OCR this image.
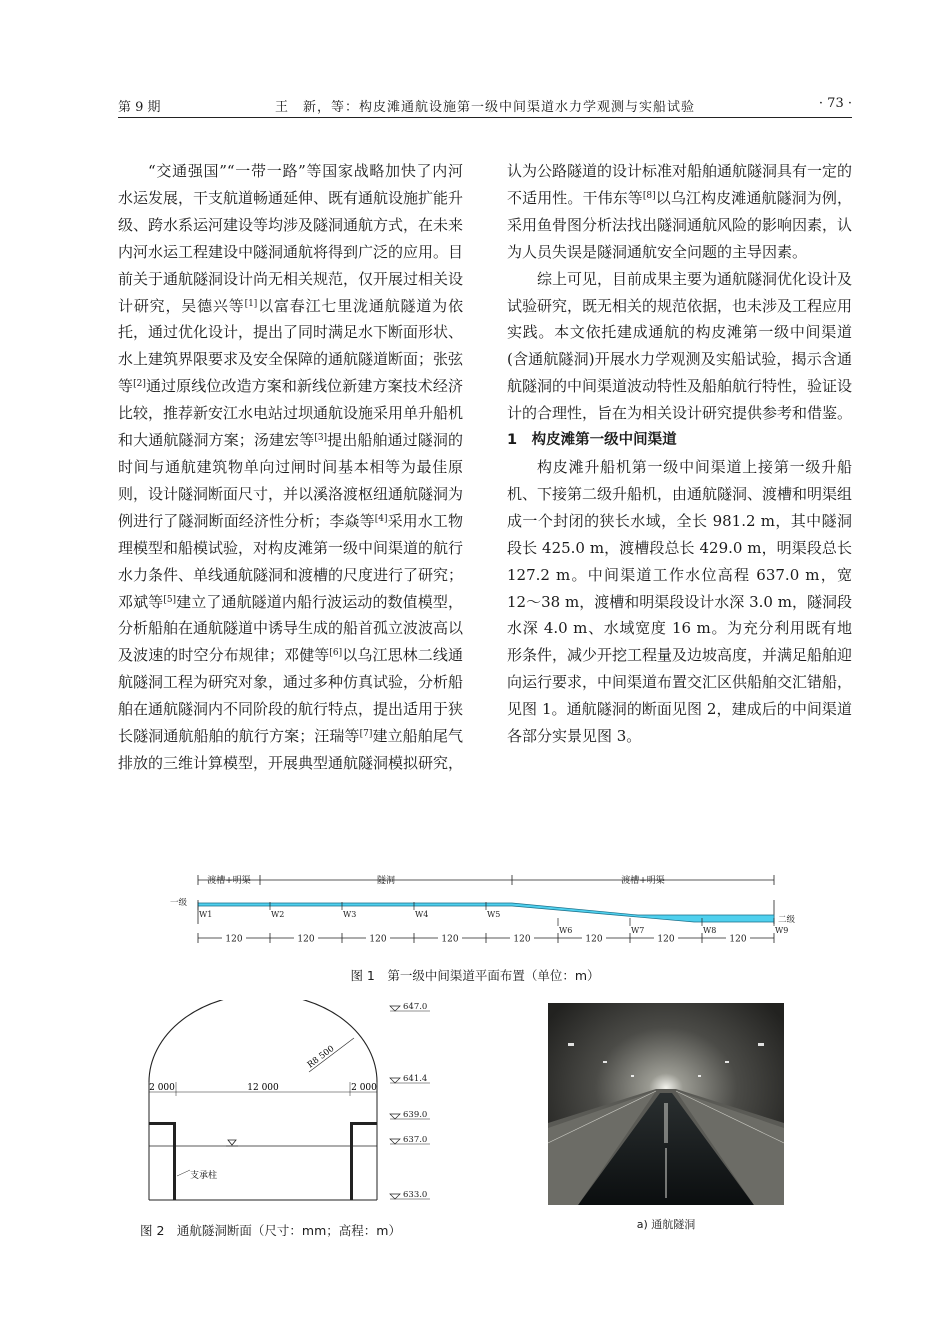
第 9 期	王　新，等：构皮滩通航设施第一级中间渠道水力学观测与实船试验	· 73 ·

“交通强国”“一带一路”等国家战略加快了内河水运发展，干支航道畅通延伸、既有通航设施扩能升级、跨水系运河建设等均涉及隧洞通航方式，在未来内河水运工程建设中隧洞通航将得到广泛的应用。目前关于通航隧洞设计尚无相关规范，仅开展过相关设计研究，吴德兴等[1]以富春江七里泷通航隧道为依托，通过优化设计，提出了同时满足水下断面形状、水上建筑界限要求及安全保障的通航隧道断面；张弦等[2]通过原线位改造方案和新线位新建方案技术经济比较，推荐新安江水电站过坝通航设施采用单升船机和大通航隧洞方案；汤建宏等[3]提出船舶通过隧洞的时间与通航建筑物单向过闸时间基本相等为最佳原则，设计隧洞断面尺寸，并以溪洛渡枢纽通航隧洞为例进行了隧洞断面经济性分析；李焱等[4]采用水工物理模型和船模试验，对构皮滩第一级中间渠道的航行水力条件、单线通航隧洞和渡槽的尺度进行了研究；邓斌等[5]建立了通航隧道内船行波运动的数值模型，分析船舶在通航隧道中诱导生成的船首孤立波波高以及波速的时空分布规律；邓健等[6]以乌江思林二线通航隧洞工程为研究对象，通过多种仿真试验，分析船舶在通航隧洞内不同阶段的航行特点，提出适用于狭长隧洞通航船舶的航行方案；汪瑞等[7]建立船舶尾气排放的三维计算模型，开展典型通航隧洞模拟研究，

认为公路隧道的设计标准对船舶通航隧洞具有一定的不适用性。干伟东等[8]以乌江构皮滩通航隧洞为例，采用鱼骨图分析法找出隧洞通航风险的影响因素，认为人员失误是隧洞通航安全问题的主导因素。

综上可见，目前成果主要为通航隧洞优化设计及试验研究，既无相关的规范依据，也未涉及工程应用实践。本文依托建成通航的构皮滩第一级中间渠道(含通航隧洞)开展水力学观测及实船试验，揭示含通航隧洞的中间渠道波动特性及船舶航行特性，验证设计的合理性，旨在为相关设计研究提供参考和借鉴。

1　构皮滩第一级中间渠道

构皮滩升船机第一级中间渠道上接第一级升船机、下接第二级升船机，由通航隧洞、渡槽和明渠组成一个封闭的狭长水域，全长 981.2 m，其中隧洞段长 425.0 m，渡槽段总长 429.0 m，明渠段总长 127.2 m。中间渠道工作水位高程 637.0 m，宽 12～38 m，渡槽和明渠段设计水深 3.0 m，隧洞段水深 4.0 m、水域宽度 16 m。为充分利用既有地形条件，减少开挖工程量及边坡高度，并满足船舶迎向运行要求，中间渠道布置交汇区供船舶交汇错船，见图 1。通航隧洞的断面见图 2，建成后的中间渠道各部分实景见图 3。

渡槽+明渠	隧洞	渡槽+明渠
一级
二级
W1	W2	W3	W4	W5
W6	W7	W8	W9
120	120	120	120	120	120	120	120
图 1　第一级中间渠道平面布置（单位：m）
2 000	12 000	2 000
R8 500
支承柱
647.0
641.4
639.0
637.0
633.0
图 2　通航隧洞断面（尺寸：mm；高程：m）	a) 通航隧洞
